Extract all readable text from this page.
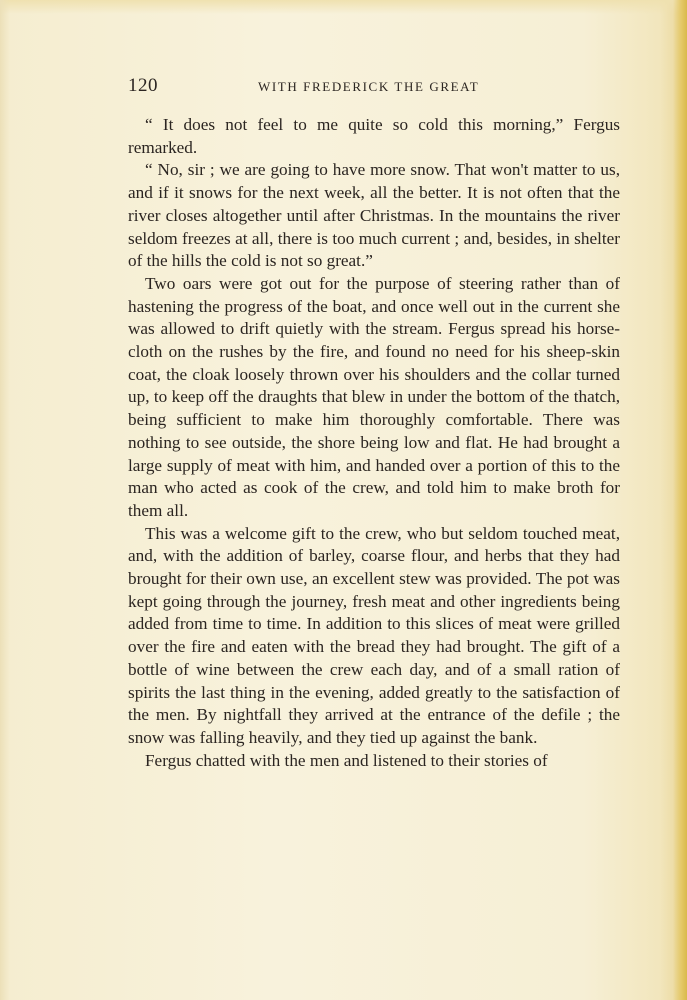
120	WITH FREDERICK THE GREAT

“ It does not feel to me quite so cold this morning,” Fergus remarked.

“ No, sir ; we are going to have more snow. That won't matter to us, and if it snows for the next week, all the better. It is not often that the river closes altogether until after Christmas. In the mountains the river seldom freezes at all, there is too much current ; and, besides, in shelter of the hills the cold is not so great.”

Two oars were got out for the purpose of steering rather than of hastening the progress of the boat, and once well out in the current she was allowed to drift quietly with the stream. Fergus spread his horse-cloth on the rushes by the fire, and found no need for his sheep-skin coat, the cloak loosely thrown over his shoulders and the collar turned up, to keep off the draughts that blew in under the bottom of the thatch, being sufficient to make him thoroughly comfortable. There was nothing to see outside, the shore being low and flat. He had brought a large supply of meat with him, and handed over a portion of this to the man who acted as cook of the crew, and told him to make broth for them all.

This was a welcome gift to the crew, who but seldom touched meat, and, with the addition of barley, coarse flour, and herbs that they had brought for their own use, an excellent stew was provided. The pot was kept going through the journey, fresh meat and other ingredients being added from time to time. In addition to this slices of meat were grilled over the fire and eaten with the bread they had brought. The gift of a bottle of wine between the crew each day, and of a small ration of spirits the last thing in the evening, added greatly to the satisfaction of the men. By nightfall they arrived at the entrance of the defile ; the snow was falling heavily, and they tied up against the bank.

Fergus chatted with the men and listened to their stories of
